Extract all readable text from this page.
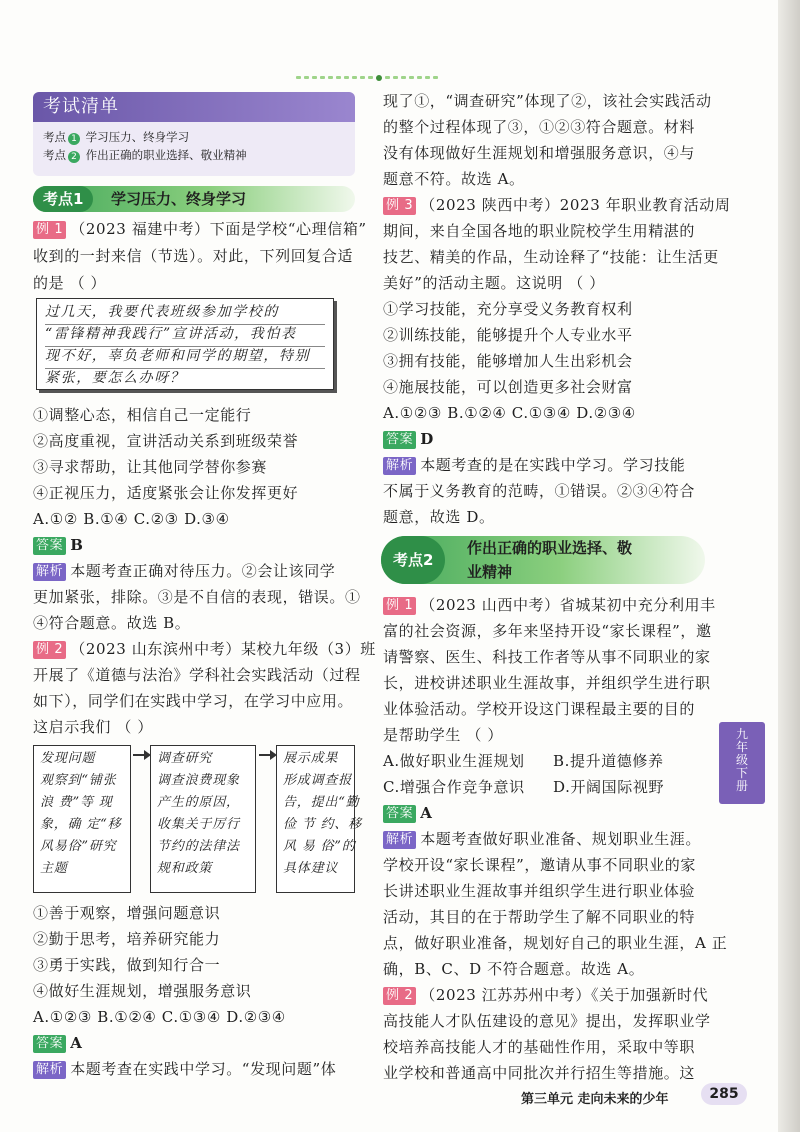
考试清单
考点 1 学习压力、终身学习
考点 2 作出正确的职业选择、敬业精神
考点1	学习压力、终身学习
例 1 （2023 福建中考）下面是学校“心理信箱”
收到的一封来信（节选）。对此，下列回复合适
的是 （ ）
过几天，我要代表班级参加学校的
“雷锋精神我践行”宣讲活动，我怕表
现不好，辜负老师和同学的期望，特别
紧张，要怎么办呀？
①调整心态，相信自己一定能行
②高度重视，宣讲活动关系到班级荣誉
③寻求帮助，让其他同学替你参赛
④正视压力，适度紧张会让你发挥更好
A.①② B.①④ C.②③ D.③④
答案 B
解析 本题考查正确对待压力。②会让该同学
更加紧张，排除。③是不自信的表现，错误。①
④符合题意。故选 B。
例 2 （2023 山东滨州中考）某校九年级（3）班
开展了《道德与法治》学科社会实践活动（过程
如下），同学们在实践中学习，在学习中应用。
这启示我们 （ ）
发现问题
观察到“铺张
浪 费”等 现
象，确 定“移
风易俗”研究
主题
调查研究
调查浪费现象
产生的原因，
收集关于厉行
节约的法律法
规和政策
展示成果
形成调查报
告，提出“勤
俭 节 约、移
风 易 俗”的
具体建议
①善于观察，增强问题意识
②勤于思考，培养研究能力
③勇于实践，做到知行合一
④做好生涯规划，增强服务意识
A.①②③ B.①②④ C.①③④ D.②③④
答案 A
解析 本题考查在实践中学习。“发现问题”体
现了①，“调查研究”体现了②，该社会实践活动
的整个过程体现了③，①②③符合题意。材料
没有体现做好生涯规划和增强服务意识，④与
题意不符。故选 A。
例 3 （2023 陕西中考）2023 年职业教育活动周
期间，来自全国各地的职业院校学生用精湛的
技艺、精美的作品，生动诠释了“技能：让生活更
美好”的活动主题。这说明 （ ）
①学习技能，充分享受义务教育权利
②训练技能，能够提升个人专业水平
③拥有技能，能够增加人生出彩机会
④施展技能，可以创造更多社会财富
A.①②③ B.①②④ C.①③④ D.②③④
答案 D
解析 本题考查的是在实践中学习。学习技能
不属于义务教育的范畴，①错误。②③④符合
题意，故选 D。
考点2
作出正确的职业选择、敬
业精神
例 1 （2023 山西中考）省城某初中充分利用丰
富的社会资源，多年来坚持开设“家长课程”，邀
请警察、医生、科技工作者等从事不同职业的家
长，进校讲述职业生涯故事，并组织学生进行职
业体验活动。学校开设这门课程最主要的目的
是帮助学生 （ ）
A.做好职业生涯规划 B.提升道德修养
C.增强合作竞争意识 D.开阔国际视野
答案 A
解析 本题考查做好职业准备、规划职业生涯。
学校开设“家长课程”，邀请从事不同职业的家
长讲述职业生涯故事并组织学生进行职业体验
活动，其目的在于帮助学生了解不同职业的特
点，做好职业准备，规划好自己的职业生涯，A 正
确，B、C、D 不符合题意。故选 A。
例 2 （2023 江苏苏州中考）《关于加强新时代
高技能人才队伍建设的意见》提出，发挥职业学
校培养高技能人才的基础性作用，采取中等职
业学校和普通高中同批次并行招生等措施。这
九
年
级
下
册
第三单元 走向未来的少年	285
